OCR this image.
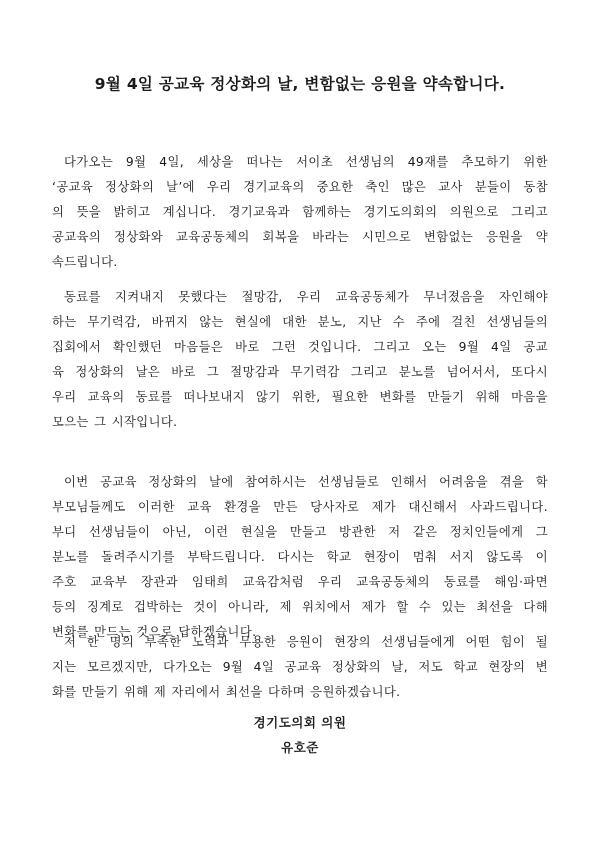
9월 4일 공교육 정상화의 날, 변함없는 응원을 약속합니다.
다가오는 9월 4일, 세상을 떠나는 서이초 선생님의 49재를 추모하기 위한
‘공교육 정상화의 날’에 우리 경기교육의 중요한 축인 많은 교사 분들이 동참
의 뜻을 밝히고 계십니다. 경기교육과 함께하는 경기도의회의 의원으로 그리고
공교육의 정상화와 교육공동체의 회복을 바라는 시민으로 변함없는 응원을 약
속드립니다.
동료를 지켜내지 못했다는 절망감, 우리 교육공동체가 무너졌음을 자인해야
하는 무기력감, 바뀌지 않는 현실에 대한 분노, 지난 수 주에 걸친 선생님들의
집회에서 확인했던 마음들은 바로 그런 것입니다. 그리고 오는 9월 4일 공교
육 정상화의 날은 바로 그 절망감과 무기력감 그리고 분노를 넘어서서, 또다시
우리 교육의 동료를 떠나보내지 않기 위한, 필요한 변화를 만들기 위해 마음을
모으는 그 시작입니다.
이번 공교육 정상화의 날에 참여하시는 선생님들로 인해서 어려움을 겪을 학
부모님들께도 이러한 교육 환경을 만든 당사자로 제가 대신해서 사과드립니다.
부디 선생님들이 아닌, 이런 현실을 만들고 방관한 저 같은 정치인들에게 그
분노를 돌려주시기를 부탁드립니다. 다시는 학교 현장이 멈춰 서지 않도록 이
주호 교육부 장관과 임태희 교육감처럼 우리 교육공동체의 동료를 해임·파면
등의 징계로 겁박하는 것이 아니라, 제 위치에서 제가 할 수 있는 최선을 다해
변화를 만드는 것으로 답하겠습니다.
저 한 명의 부족한 노력과 무용한 응원이 현장의 선생님들에게 어떤 힘이 될
지는 모르겠지만, 다가오는 9월 4일 공교육 정상화의 날, 저도 학교 현장의 변
화를 만들기 위해 제 자리에서 최선을 다하며 응원하겠습니다.
경기도의회 의원
유호준
